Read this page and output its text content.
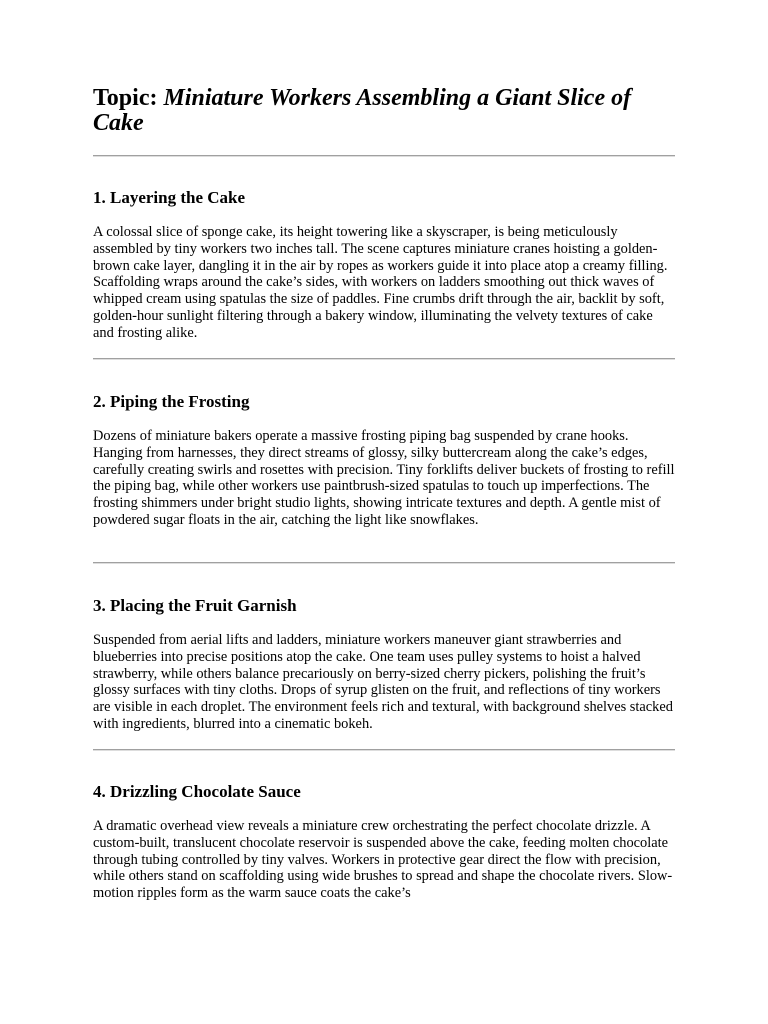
Topic: Miniature Workers Assembling a Giant Slice of Cake
1. Layering the Cake

A colossal slice of sponge cake, its height towering like a skyscraper, is being meticulously assembled by tiny workers two inches tall. The scene captures miniature cranes hoisting a golden-brown cake layer, dangling it in the air by ropes as workers guide it into place atop a creamy filling. Scaffolding wraps around the cake’s sides, with workers on ladders smoothing out thick waves of whipped cream using spatulas the size of paddles. Fine crumbs drift through the air, backlit by soft, golden-hour sunlight filtering through a bakery window, illuminating the velvety textures of cake and frosting alike.

2. Piping the Frosting

Dozens of miniature bakers operate a massive frosting piping bag suspended by crane hooks. Hanging from harnesses, they direct streams of glossy, silky buttercream along the cake’s edges, carefully creating swirls and rosettes with precision. Tiny forklifts deliver buckets of frosting to refill the piping bag, while other workers use paintbrush-sized spatulas to touch up imperfections. The frosting shimmers under bright studio lights, showing intricate textures and depth. A gentle mist of powdered sugar floats in the air, catching the light like snowflakes.

3. Placing the Fruit Garnish

Suspended from aerial lifts and ladders, miniature workers maneuver giant strawberries and blueberries into precise positions atop the cake. One team uses pulley systems to hoist a halved strawberry, while others balance precariously on berry-sized cherry pickers, polishing the fruit’s glossy surfaces with tiny cloths. Drops of syrup glisten on the fruit, and reflections of tiny workers are visible in each droplet. The environment feels rich and textural, with background shelves stacked with ingredients, blurred into a cinematic bokeh.

4. Drizzling Chocolate Sauce

A dramatic overhead view reveals a miniature crew orchestrating the perfect chocolate drizzle. A custom-built, translucent chocolate reservoir is suspended above the cake, feeding molten chocolate through tubing controlled by tiny valves. Workers in protective gear direct the flow with precision, while others stand on scaffolding using wide brushes to spread and shape the chocolate rivers. Slow-motion ripples form as the warm sauce coats the cake’s
